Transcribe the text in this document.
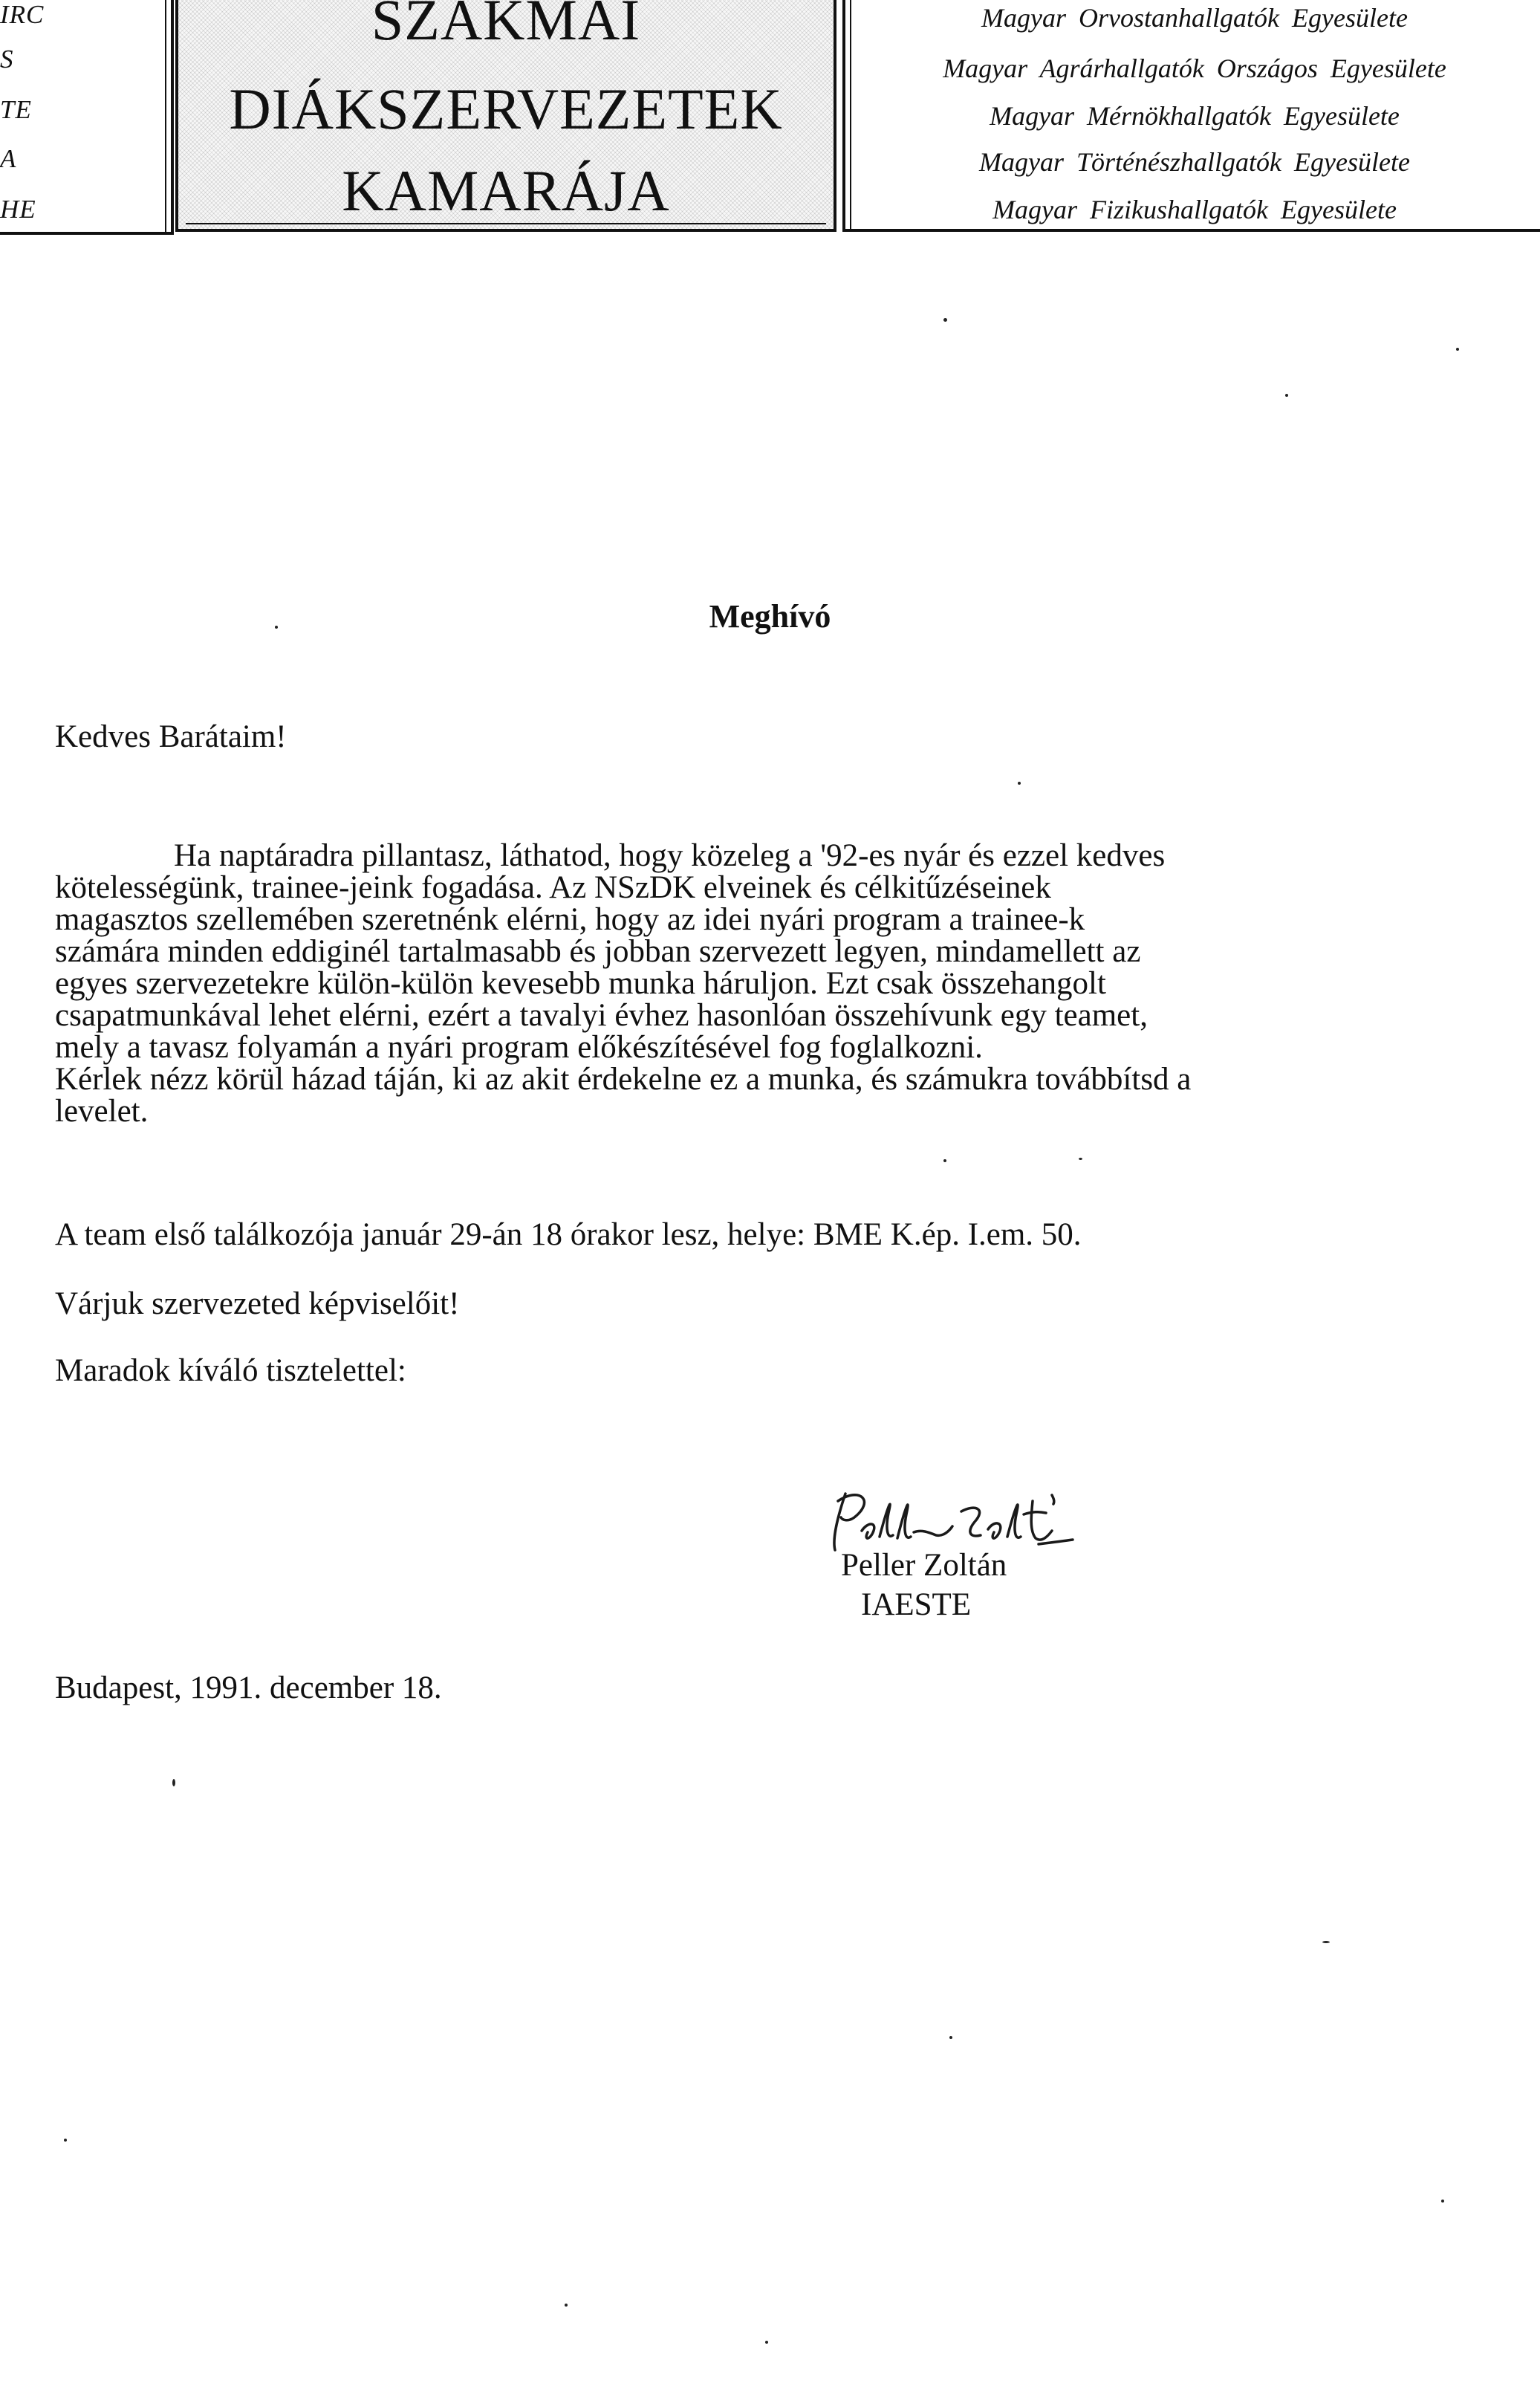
IRC
S
TE
A
HE
SZAKMAI
DIÁKSZERVEZETEK
KAMARÁJA
Magyar Orvostanhallgatók Egyesülete
Magyar Agrárhallgatók Országos Egyesülete
Magyar Mérnökhallgatók Egyesülete
Magyar Történészhallgatók Egyesülete
Magyar Fizikushallgatók Egyesülete
Meghívó
Kedves Barátaim!
Ha naptáradra pillantasz, láthatod, hogy közeleg a '92-es nyár és ezzel kedves
kötelességünk, trainee-jeink fogadása. Az NSzDK elveinek és célkitűzéseinek
magasztos szellemében szeretnénk elérni, hogy az idei nyári program a trainee-k
számára minden eddiginél tartalmasabb és jobban szervezett legyen, mindamellett az
egyes szervezetekre külön-külön kevesebb munka háruljon. Ezt csak összehangolt
csapatmunkával lehet elérni, ezért a tavalyi évhez hasonlóan összehívunk egy teamet,
mely a tavasz folyamán a nyári program előkészítésével fog foglalkozni.
Kérlek nézz körül házad táján, ki az akit érdekelne ez a munka, és számukra továbbítsd a
levelet.
A team első találkozója január 29-án 18 órakor lesz, helye: BME K.ép. I.em. 50.
Várjuk szervezeted képviselőit!
Maradok kíváló tisztelettel:
Peller Zoltán
IAESTE
Budapest, 1991. december 18.
